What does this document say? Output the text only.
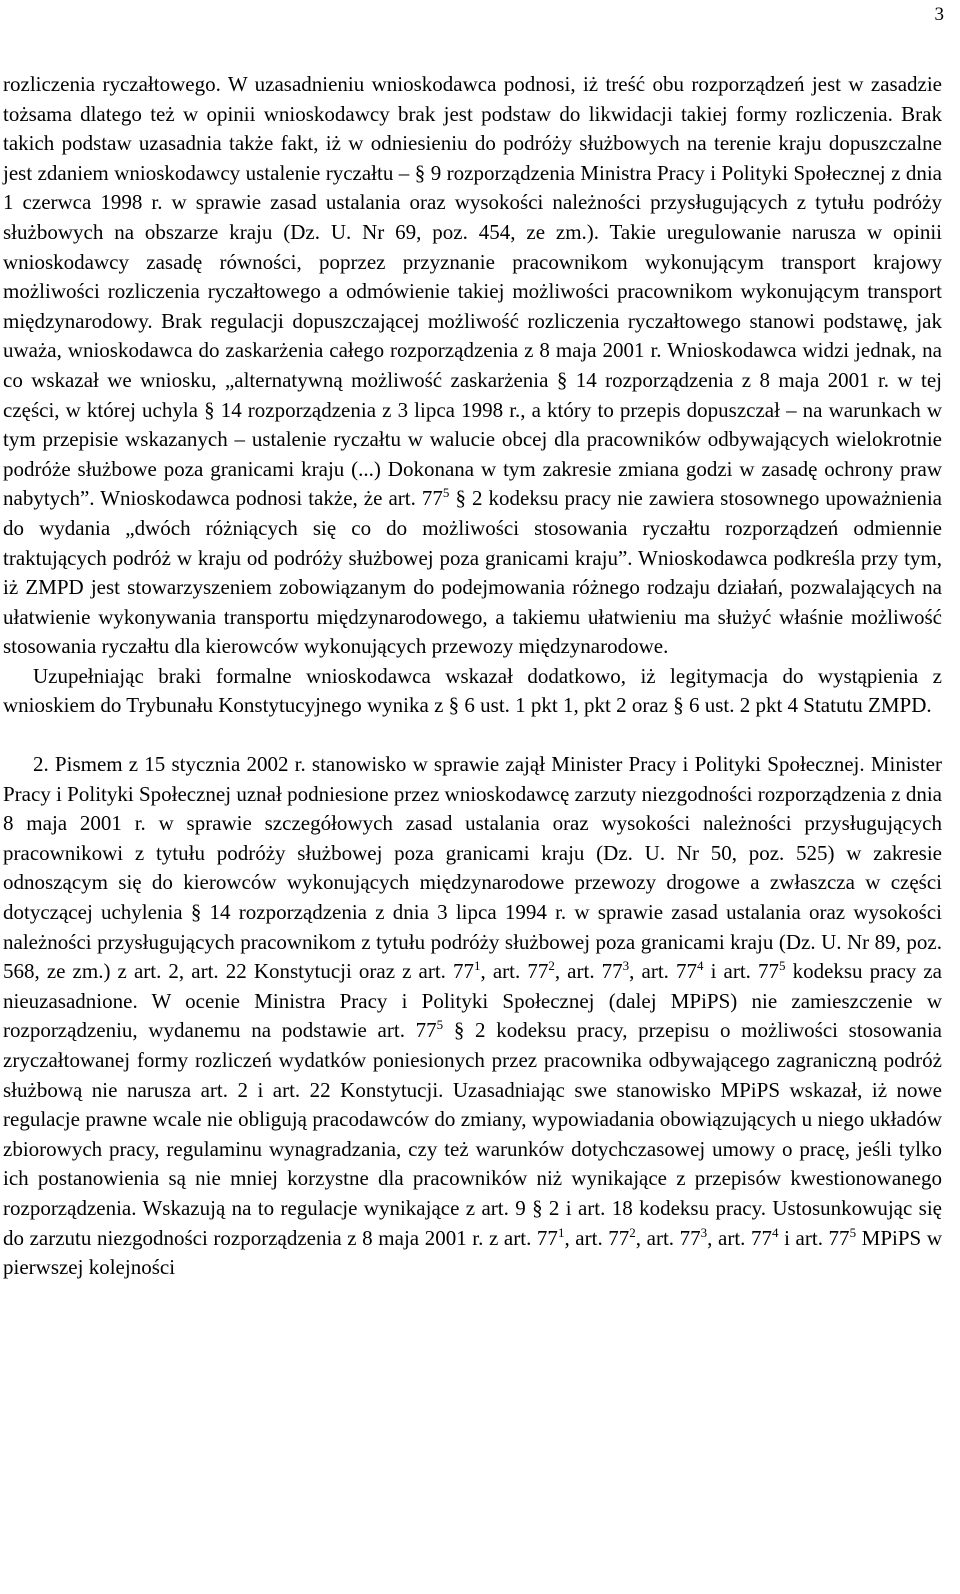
3

rozliczenia ryczałtowego. W uzasadnieniu wnioskodawca podnosi, iż treść obu rozporządzeń jest w zasadzie tożsama dlatego też w opinii wnioskodawcy brak jest podstaw do likwidacji takiej formy rozliczenia. Brak takich podstaw uzasadnia także fakt, iż w odniesieniu do podróży służbowych na terenie kraju dopuszczalne jest zdaniem wnioskodawcy ustalenie ryczałtu – § 9 rozporządzenia Ministra Pracy i Polityki Społecznej z dnia 1 czerwca 1998 r. w sprawie zasad ustalania oraz wysokości należności przysługujących z tytułu podróży służbowych na obszarze kraju (Dz. U. Nr 69, poz. 454, ze zm.). Takie uregulowanie narusza w opinii wnioskodawcy zasadę równości, poprzez przyznanie pracownikom wykonującym transport krajowy możliwości rozliczenia ryczałtowego a odmówienie takiej możliwości pracownikom wykonującym transport międzynarodowy. Brak regulacji dopuszczającej możliwość rozliczenia ryczałtowego stanowi podstawę, jak uważa, wnioskodawca do zaskarżenia całego rozporządzenia z 8 maja 2001 r. Wnioskodawca widzi jednak, na co wskazał we wniosku, „alternatywną możliwość zaskarżenia § 14 rozporządzenia z 8 maja 2001 r. w tej części, w której uchyla § 14 rozporządzenia z 3 lipca 1998 r., a który to przepis dopuszczał – na warunkach w tym przepisie wskazanych – ustalenie ryczałtu w walucie obcej dla pracowników odbywających wielokrotnie podróże służbowe poza granicami kraju (...) Dokonana w tym zakresie zmiana godzi w zasadę ochrony praw nabytych”. Wnioskodawca podnosi także, że art. $77^5$ § 2 kodeksu pracy nie zawiera stosownego upoważnienia do wydania „dwóch różniących się co do możliwości stosowania ryczałtu rozporządzeń odmiennie traktujących podróż w kraju od podróży służbowej poza granicami kraju”. Wnioskodawca podkreśla przy tym, iż ZMPD jest stowarzyszeniem zobowiązanym do podejmowania różnego rodzaju działań, pozwalających na ułatwienie wykonywania transportu międzynarodowego, a takiemu ułatwieniu ma służyć właśnie możliwość stosowania ryczałtu dla kierowców wykonujących przewozy międzynarodowe.

Uzupełniając braki formalne wnioskodawca wskazał dodatkowo, iż legitymacja do wystąpienia z wnioskiem do Trybunału Konstytucyjnego wynika z § 6 ust. 1 pkt 1, pkt 2 oraz § 6 ust. 2 pkt 4 Statutu ZMPD.

2. Pismem z 15 stycznia 2002 r. stanowisko w sprawie zajął Minister Pracy i Polityki Społecznej. Minister Pracy i Polityki Społecznej uznał podniesione przez wnioskodawcę zarzuty niezgodności rozporządzenia z dnia 8 maja 2001 r. w sprawie szczegółowych zasad ustalania oraz wysokości należności przysługujących pracownikowi z tytułu podróży służbowej poza granicami kraju (Dz. U. Nr 50, poz. 525) w zakresie odnoszącym się do kierowców wykonujących międzynarodowe przewozy drogowe a zwłaszcza w części dotyczącej uchylenia § 14 rozporządzenia z dnia 3 lipca 1994 r. w sprawie zasad ustalania oraz wysokości należności przysługujących pracownikom z tytułu podróży służbowej poza granicami kraju (Dz. U. Nr 89, poz. 568, ze zm.) z art. 2, art. 22 Konstytucji oraz z art. $77^1$, art. $77^2$, art. $77^3$, art. $77^4$ i art. $77^5$ kodeksu pracy za nieuzasadnione. W ocenie Ministra Pracy i Polityki Społecznej (dalej MPiPS) nie zamieszczenie w rozporządzeniu, wydanemu na podstawie art. $77^5$ § 2 kodeksu pracy, przepisu o możliwości stosowania zryczałtowanej formy rozliczeń wydatków poniesionych przez pracownika odbywającego zagraniczną podróż służbową nie narusza art. 2 i art. 22 Konstytucji. Uzasadniając swe stanowisko MPiPS wskazał, iż nowe regulacje prawne wcale nie obligują pracodawców do zmiany, wypowiadania obowiązujących u niego układów zbiorowych pracy, regulaminu wynagradzania, czy też warunków dotychczasowej umowy o pracę, jeśli tylko ich postanowienia są nie mniej korzystne dla pracowników niż wynikające z przepisów kwestionowanego rozporządzenia. Wskazują na to regulacje wynikające z art. 9 § 2 i art. 18 kodeksu pracy. Ustosunkowując się do zarzutu niezgodności rozporządzenia z 8 maja 2001 r. z art. $77^1$, art. $77^2$, art. $77^3$, art. $77^4$ i art. $77^5$ MPiPS w pierwszej kolejności
